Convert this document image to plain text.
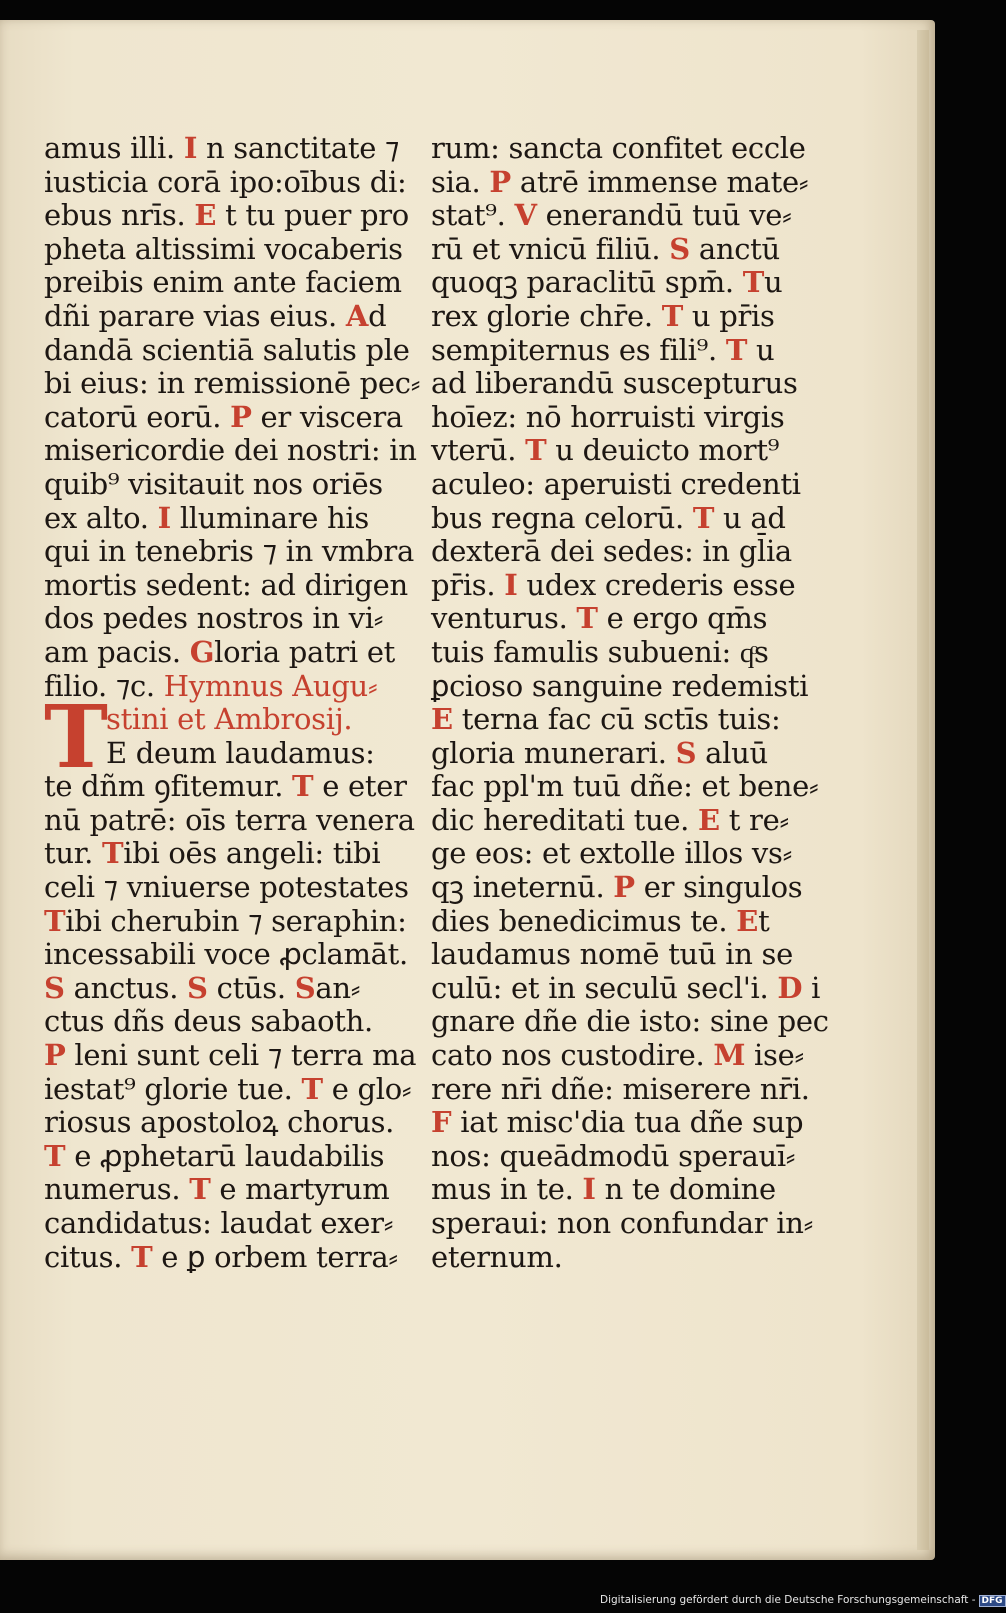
amus illi. I n sanctitate ⁊
iusticia corā ipo:oībus di:
ebus nrīs. E t tu puer pro
pheta altissimi vocaberis
preibis enim ante faciem
dñi parare vias eius. Ad
dandā scientiā salutis ple
bi eius: in remissionē pec⸗
catorū eorū. P er viscera
misericordie dei nostri: in
quib⁹ visitauit nos oriēs
ex alto. I lluminare his
qui in tenebris ⁊ in vmbra
mortis sedent: ad dirigen
dos pedes nostros in vi⸗
am pacis. Gloria patri et
filio. ⁊c. Hymnus Augu⸗
T
stini et Ambrosij.
E deum laudamus:
te dñm ꝯfitemur. T e eter
nū patrē: oīs terra venera
tur. Tibi oēs angeli: tibi
celi ⁊ vniuerse potestates
Tibi cherubin ⁊ seraphin:
incessabili voce ꝓclamāt.
S anctus. S ctūs. San⸗
ctus dñs deus sabaoth.
P leni sunt celi ⁊ terra ma
iestat⁹ glorie tue. T e glo⸗
riosus apostoloꝝ chorus.
T e ꝓphetarū laudabilis
numerus. T e martyrum
candidatus: laudat exer⸗
citus. T e ꝑ orbem terra⸗
rum: sancta confitet eccle
sia. P atrē immense mate⸗
stat⁹. V enerandū tuū ve⸗
rū et vnicū filiū. S anctū
quoqꝫ paraclitū spm̄. Tu
rex glorie chr̄e. T u pr̄is
sempiternus es fili⁹. T u
ad liberandū suscepturus
hoīez: nō horruisti virgis
vterū. T u deuicto mort⁹
aculeo: aperuisti credenti
bus regna celorū. T u ad
dexterā dei sedes: in gl̄ia
pr̄is. I udex crederis esse
venturus. T e ergo qm̄s
tuis famulis subueni: qͦs
ꝑcioso sanguine redemisti
E terna fac cū sctīs tuis:
gloria munerari. S aluū
fac ppl'm tuū dñe: et bene⸗
dic hereditati tue. E t re⸗
ge eos: et extolle illos vs⸗
qꝫ ineternū. P er singulos
dies benedicimus te. Et
laudamus nomē tuū in se
culū: et in seculū secl'i. D i
gnare dñe die isto: sine pec
cato nos custodire. M ise⸗
rere nr̄i dñe: miserere nr̄i.
F iat misc'dia tua dñe sup
nos: queādmodū sperauī⸗
mus in te. I n te domine
speraui: non confundar in⸗
eternum.
Digitalisierung gefördert durch die Deutsche Forschungsgemeinschaft - DFG
